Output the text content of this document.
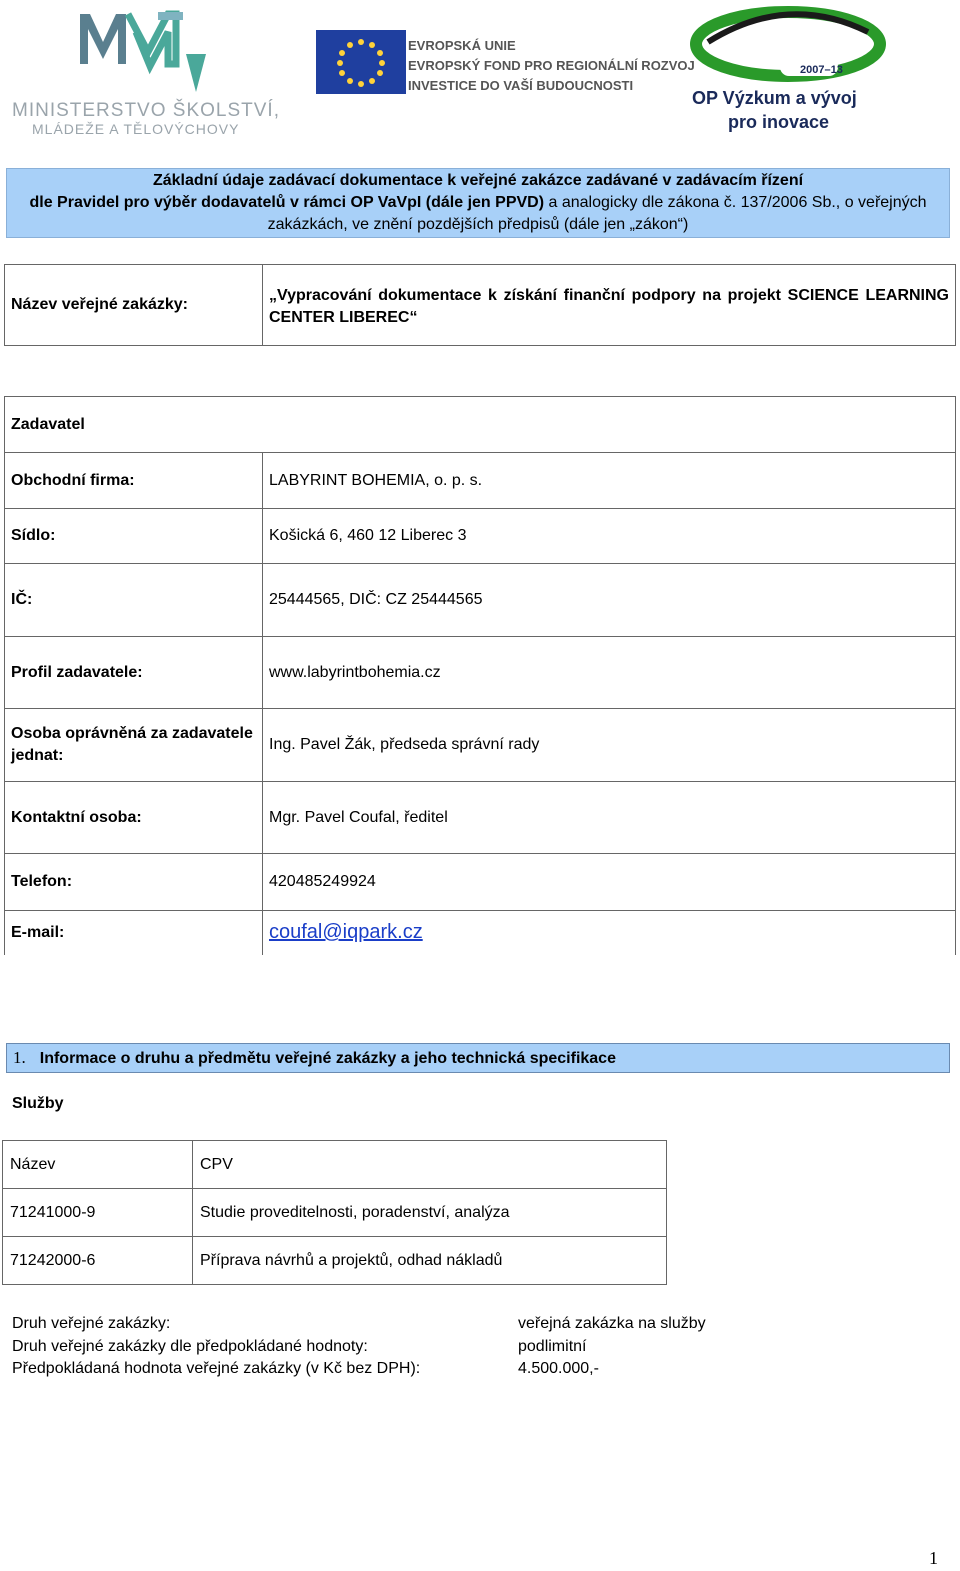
MINISTERSTVO ŠKOLSTVÍ,
MLÁDEŽE A TĚLOVÝCHOVY
EVROPSKÁ UNIE
EVROPSKÝ FOND PRO REGIONÁLNÍ ROZVOJ
INVESTICE DO VAŠÍ BUDOUCNOSTI
2007–13
OP Výzkum a vývoj
pro inovace
Základní údaje zadávací dokumentace k veřejné zakázce zadávané v zadávacím řízení
dle Pravidel pro výběr dodavatelů v rámci OP VaVpI (dále jen PPVD) a analogicky dle zákona č. 137/2006 Sb., o veřejných
zakázkách, ve znění pozdějších předpisů (dále jen „zákon“)
Název veřejné zakázky:	„Vypracování dokumentace k získání finanční podpory na projekt SCIENCE LEARNING CENTER LIBEREC“
Zadavatel	
Obchodní firma:	LABYRINT BOHEMIA, o. p. s.
Sídlo:	Košická 6, 460 12 Liberec 3
IČ:	25444565, DIČ: CZ 25444565
Profil zadavatele:	www.labyrintbohemia.cz
Osoba oprávněná za zadavatele jednat:	Ing. Pavel Žák, předseda správní rady
Kontaktní osoba:	Mgr. Pavel Coufal, ředitel
Telefon:	420485249924
E-mail:	coufal@iqpark.cz
1. Informace o druhu a předmětu veřejné zakázky a jeho technická specifikace
Služby
Název	CPV
71241000-9	Studie proveditelnosti, poradenství, analýza
71242000-6	Příprava návrhů a projektů, odhad nákladů
Druh veřejné zakázky:	veřejná zakázka na služby
Druh veřejné zakázky dle předpokládané hodnoty:	podlimitní
Předpokládaná hodnota veřejné zakázky (v Kč bez DPH):	4.500.000,-
1
